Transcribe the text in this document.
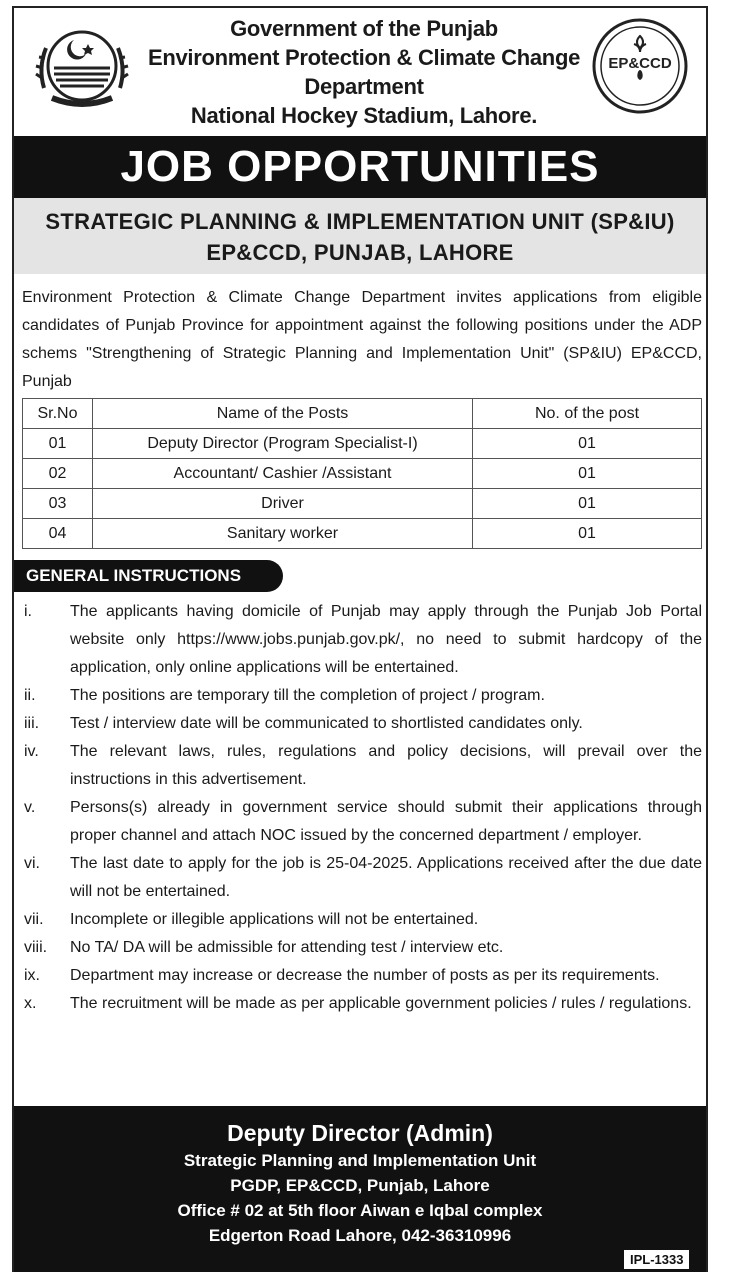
Government of the Punjab
Environment Protection & Climate Change
Department
National Hockey Stadium, Lahore.
EP&CCD
JOB OPPORTUNITIES
STRATEGIC PLANNING & IMPLEMENTATION UNIT (SP&IU)
EP&CCD, PUNJAB, LAHORE

Environment Protection & Climate Change Department invites applications from eligible candidates of Punjab Province for appointment against the following positions under the ADP schems "Strengthening of Strategic Planning and Implementation Unit" (SP&IU) EP&CCD, Punjab

Sr.No	Name of the Posts	No. of the post
01	Deputy Director (Program Specialist-I)	01
02	Accountant/ Cashier /Assistant	01
03	Driver	01
04	Sanitary worker	01
GENERAL INSTRUCTIONS
i.	The applicants having domicile of Punjab may apply through the Punjab Job Portal website only https://www.jobs.punjab.gov.pk/, no need to submit hardcopy of the application, only online applications will be entertained.
ii.	The positions are temporary till the completion of project / program.
iii.	Test / interview date will be communicated to shortlisted candidates only.
iv.	The relevant laws, rules, regulations and policy decisions, will prevail over the instructions in this advertisement.
v.	Persons(s) already in government service should submit their applications through proper channel and attach NOC issued by the concerned department / employer.
vi.	The last date to apply for the job is 25-04-2025. Applications received after the due date will not be entertained.
vii.	Incomplete or illegible applications will not be entertained.
viii.	No TA/ DA will be admissible for attending test / interview etc.
ix.	Department may increase or decrease the number of posts as per its requirements.
x.	The recruitment will be made as per applicable government policies / rules / regulations.
Deputy Director (Admin)
Strategic Planning and Implementation Unit
PGDP, EP&CCD, Punjab, Lahore
Office # 02 at 5th floor Aiwan e Iqbal complex
Edgerton Road Lahore, 042-36310996
IPL-1333
